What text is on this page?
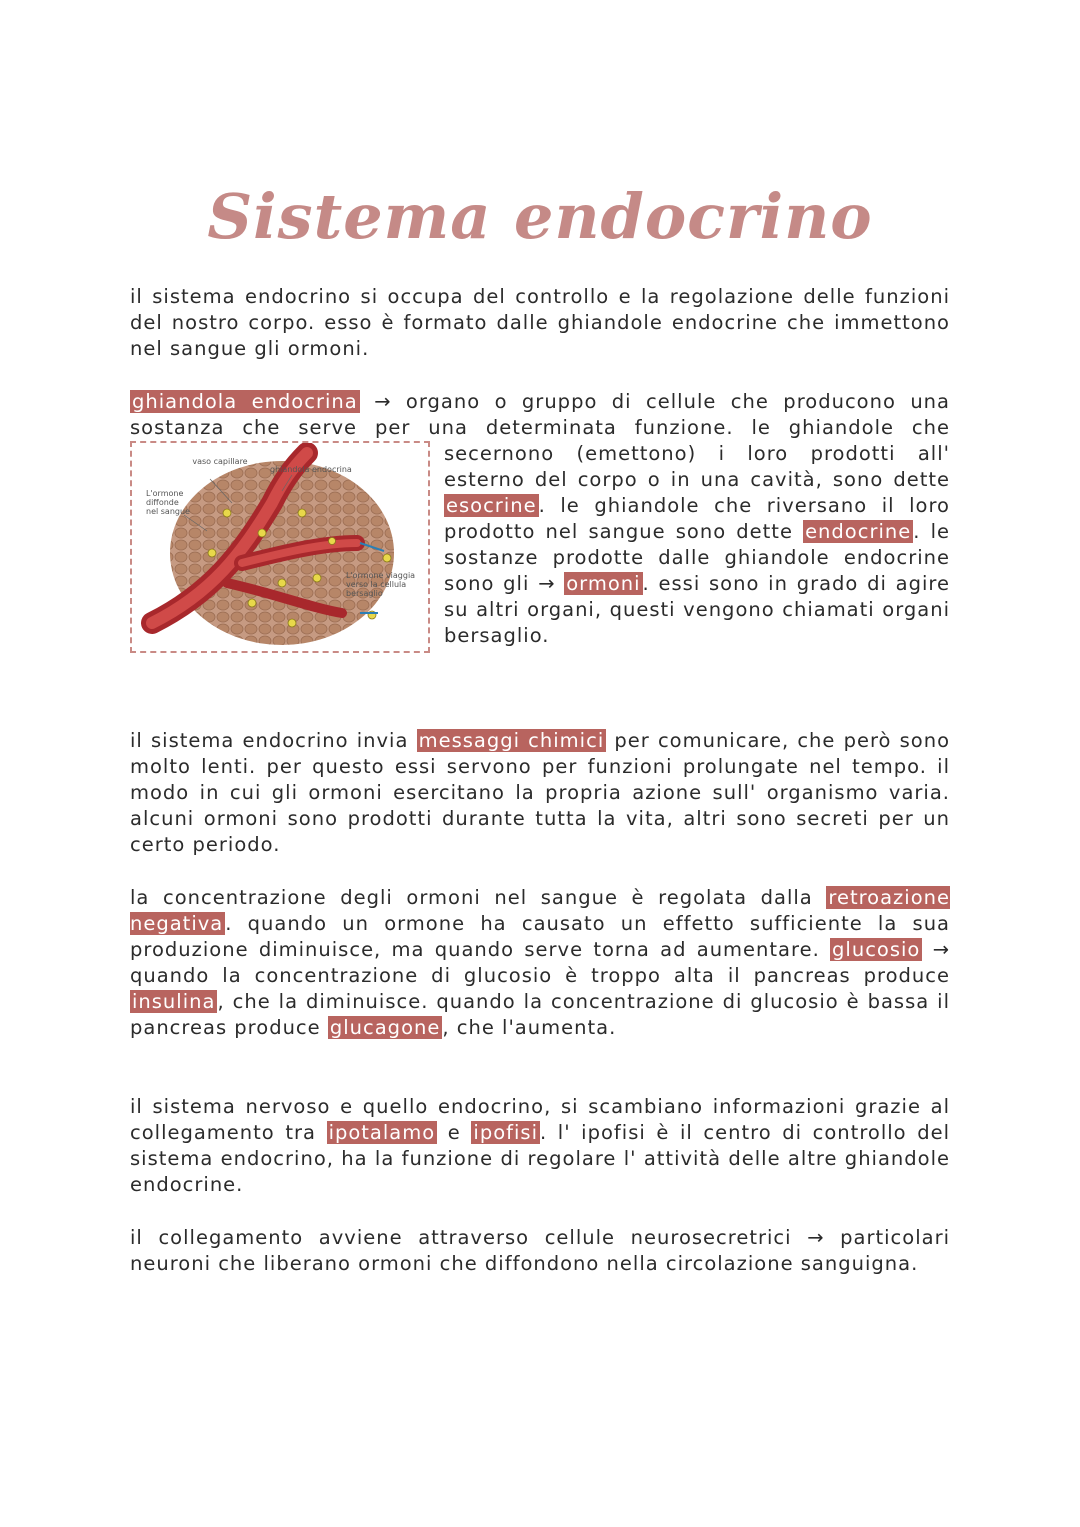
Sistema endocrino

il sistema endocrino si occupa del controllo e la regolazione delle funzioni del nostro corpo. esso è formato dalle ghiandole endocrine che immettono nel sangue gli ormoni.

vaso capillare
ghiandola endocrina
L'ormone diffonde nel sangue
L'ormone viaggia verso la cellula bersaglio
ghiandola endocrina → organo o gruppo di cellule che producono una sostanza che serve per una determinata funzione. le ghiandole che secernono (emettono) i loro prodotti all' esterno del corpo o in una cavità, sono dette esocrine . le ghiandole che riversano il loro prodotto nel sangue sono dette endocrine . le sostanze prodotte dalle ghiandole endocrine sono gli → ormoni . essi sono in grado di agire su altri organi, questi vengono chiamati organi bersaglio.

il sistema endocrino invia messaggi chimici per comunicare, che però sono molto lenti. per questo essi servono per funzioni prolungate nel tempo. il modo in cui gli ormoni esercitano la propria azione sull' organismo varia. alcuni ormoni sono prodotti durante tutta la vita, altri sono secreti per un certo periodo.

la concentrazione degli ormoni nel sangue è regolata dalla retroazione negativa . quando un ormone ha causato un effetto sufficiente la sua produzione diminuisce, ma quando serve torna ad aumentare. glucosio → quando la concentrazione di glucosio è troppo alta il pancreas produce insulina , che la diminuisce. quando la concentrazione di glucosio è bassa il pancreas produce glucagone , che l'aumenta.

il sistema nervoso e quello endocrino, si scambiano informazioni grazie al collegamento tra ipotalamo e ipofisi . l' ipofisi è il centro di controllo del sistema endocrino, ha la funzione di regolare l' attività delle altre ghiandole endocrine.

il collegamento avviene attraverso cellule neurosecretrici → particolari neuroni che liberano ormoni che diffondono nella circolazione sanguigna.
